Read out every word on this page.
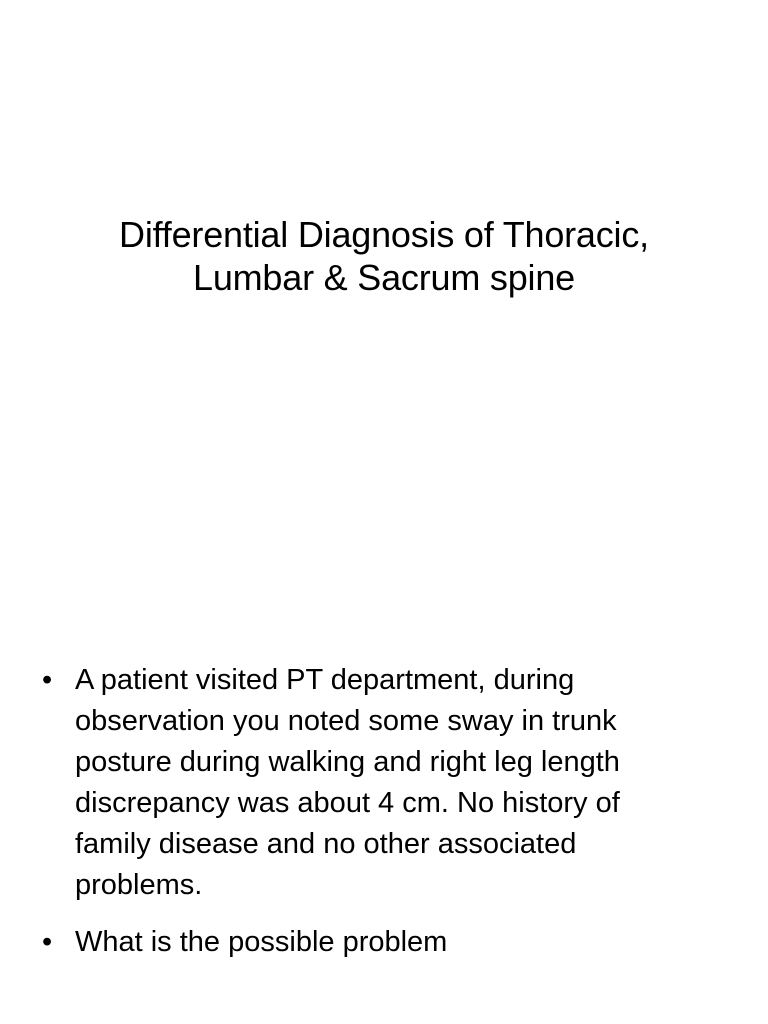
Differential Diagnosis of Thoracic,
Lumbar & Sacrum spine
• A patient visited PT department, during
observation you noted some sway in trunk
posture during walking and right leg length
discrepancy was about 4 cm. No history of
family disease and no other associated
problems.
• What is the possible problem
